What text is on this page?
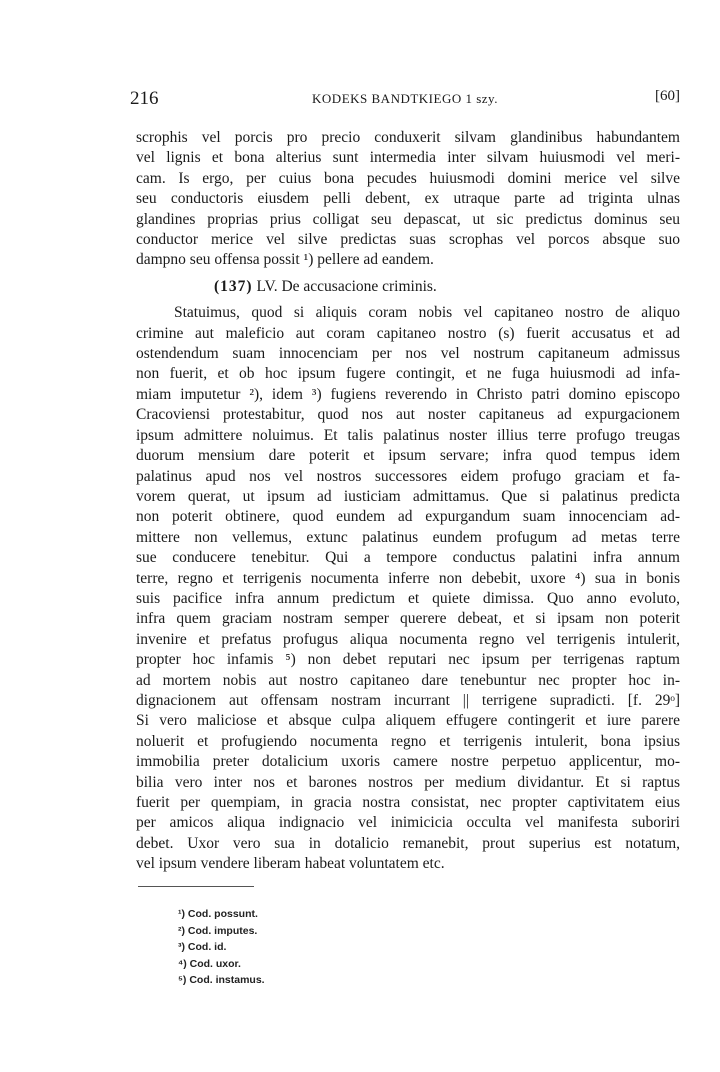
216	KODEKS BANDTKIEGO 1 szy.	[60]

scrophis vel porcis pro precio conduxerit silvam glandinibus habundantem
vel lignis et bona alterius sunt intermedia inter silvam huiusmodi vel meri-
cam. Is ergo, per cuius bona pecudes huiusmodi domini merice vel silve
seu conductoris eiusdem pelli debent, ex utraque parte ad triginta ulnas
glandines proprias prius colligat seu depascat, ut sic predictus dominus seu
conductor merice vel silve predictas suas scrophas vel porcos absque suo
dampno seu offensa possit ¹) pellere ad eandem.

(137) LV. De accusacione criminis.

Statuimus, quod si aliquis coram nobis vel capitaneo nostro de aliquo
crimine aut maleficio aut coram capitaneo nostro (s) fuerit accusatus et ad
ostendendum suam innocenciam per nos vel nostrum capitaneum admissus
non fuerit, et ob hoc ipsum fugere contingit, et ne fuga huiusmodi ad infa-
miam imputetur ²), idem ³) fugiens reverendo in Christo patri domino episcopo
Cracoviensi protestabitur, quod nos aut noster capitaneus ad expurgacionem
ipsum admittere noluimus. Et talis palatinus noster illius terre profugo treugas
duorum mensium dare poterit et ipsum servare; infra quod tempus idem
palatinus apud nos vel nostros successores eidem profugo graciam et fa-
vorem querat, ut ipsum ad iusticiam admittamus. Que si palatinus predicta
non poterit obtinere, quod eundem ad expurgandum suam innocenciam ad-
mittere non vellemus, extunc palatinus eundem profugum ad metas terre
sue conducere tenebitur. Qui a tempore conductus palatini infra annum
terre, regno et terrigenis nocumenta inferre non debebit, uxore ⁴) sua in bonis
suis pacifice infra annum predictum et quiete dimissa. Quo anno evoluto,
infra quem graciam nostram semper querere debeat, et si ipsam non poterit
invenire et prefatus profugus aliqua nocumenta regno vel terrigenis intulerit,
propter hoc infamis ⁵) non debet reputari nec ipsum per terrigenas raptum
ad mortem nobis aut nostro capitaneo dare tenebuntur nec propter hoc in-
dignacionem aut offensam nostram incurrant || terrigene supradicti. [f. 29ᵒ]
Si vero maliciose et absque culpa aliquem effugere contingerit et iure parere
noluerit et profugiendo nocumenta regno et terrigenis intulerit, bona ipsius
immobilia preter dotalicium uxoris camere nostre perpetuo applicentur, mo-
bilia vero inter nos et barones nostros per medium dividantur. Et si raptus
fuerit per quempiam, in gracia nostra consistat, nec propter captivitatem eius
per amicos aliqua indignacio vel inimicicia occulta vel manifesta suboriri
debet. Uxor vero sua in dotalicio remanebit, prout superius est notatum,
vel ipsum vendere liberam habeat voluntatem etc.

¹) Cod. possunt.
²) Cod. imputes.
³) Cod. id.
⁴) Cod. uxor.
⁵) Cod. instamus.
